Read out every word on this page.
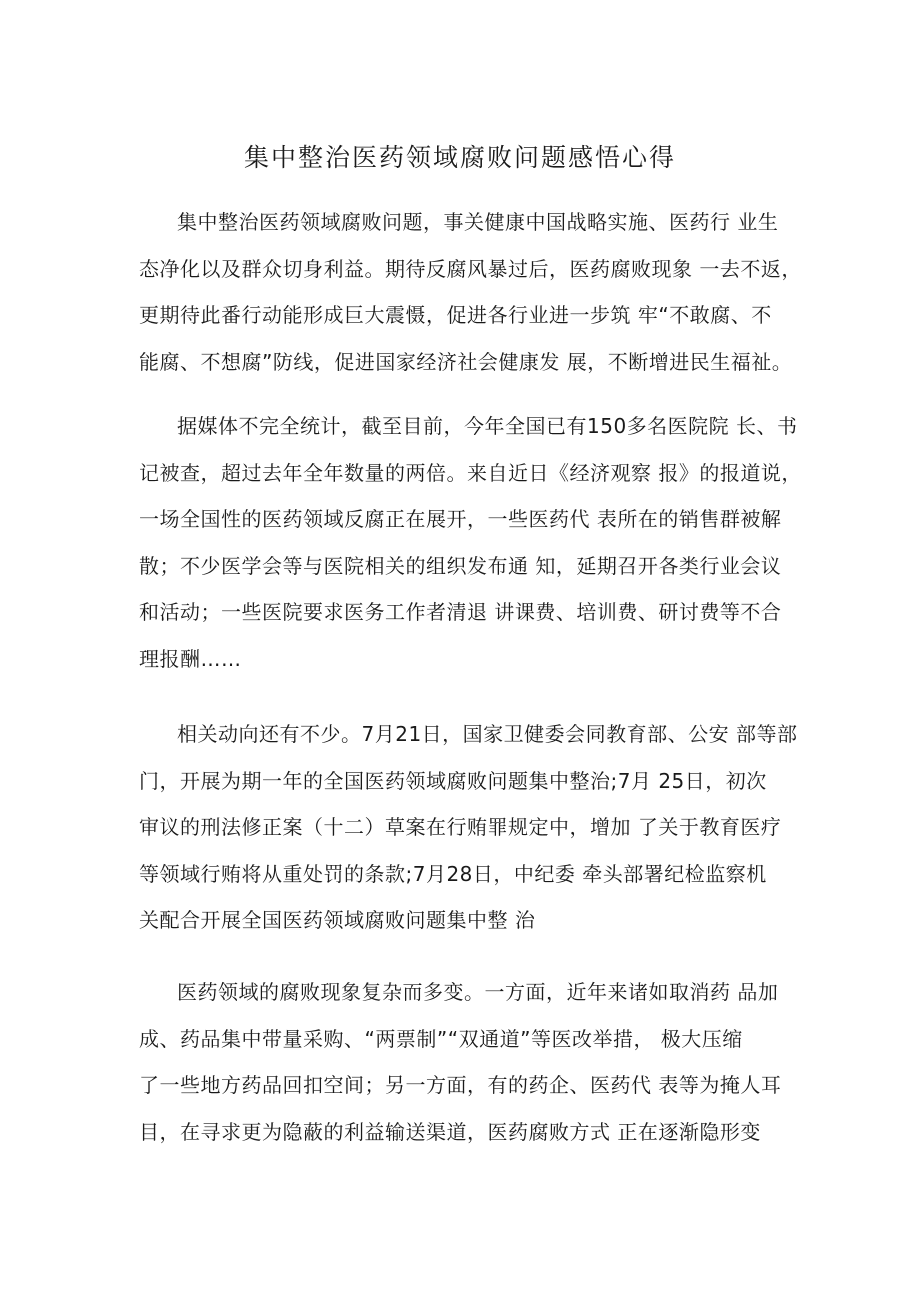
集中整治医药领域腐败问题感悟心得
集中整治医药领域腐败问题，事关健康中国战略实施、医药行 业生
态净化以及群众切身利益。期待反腐风暴过后，医药腐败现象 一去不返，
更期待此番行动能形成巨大震慑，促进各行业进一步筑 牢“不敢腐、不
能腐、不想腐”防线，促进国家经济社会健康发 展，不断增进民生福祉。
据媒体不完全统计，截至目前，今年全国已有150多名医院院 长、书
记被查，超过去年全年数量的两倍。来自近日《经济观察 报》的报道说，
一场全国性的医药领域反腐正在展开，一些医药代 表所在的销售群被解
散；不少医学会等与医院相关的组织发布通 知，延期召开各类行业会议
和活动；一些医院要求医务工作者清退 讲课费、培训费、研讨费等不合
理报酬……
相关动向还有不少。7月21日，国家卫健委会同教育部、公安 部等部
门，开展为期一年的全国医药领域腐败问题集中整治;7月 25日，初次
审议的刑法修正案（十二）草案在行贿罪规定中，增加 了关于教育医疗
等领域行贿将从重处罚的条款;7月28日，中纪委 牵头部署纪检监察机
关配合开展全国医药领域腐败问题集中整 治
医药领域的腐败现象复杂而多变。一方面，近年来诸如取消药 品加
成、药品集中带量采购、“两票制”“双通道”等医改举措， 极大压缩
了一些地方药品回扣空间；另一方面，有的药企、医药代 表等为掩人耳
目，在寻求更为隐蔽的利益输送渠道，医药腐败方式 正在逐渐隐形变
